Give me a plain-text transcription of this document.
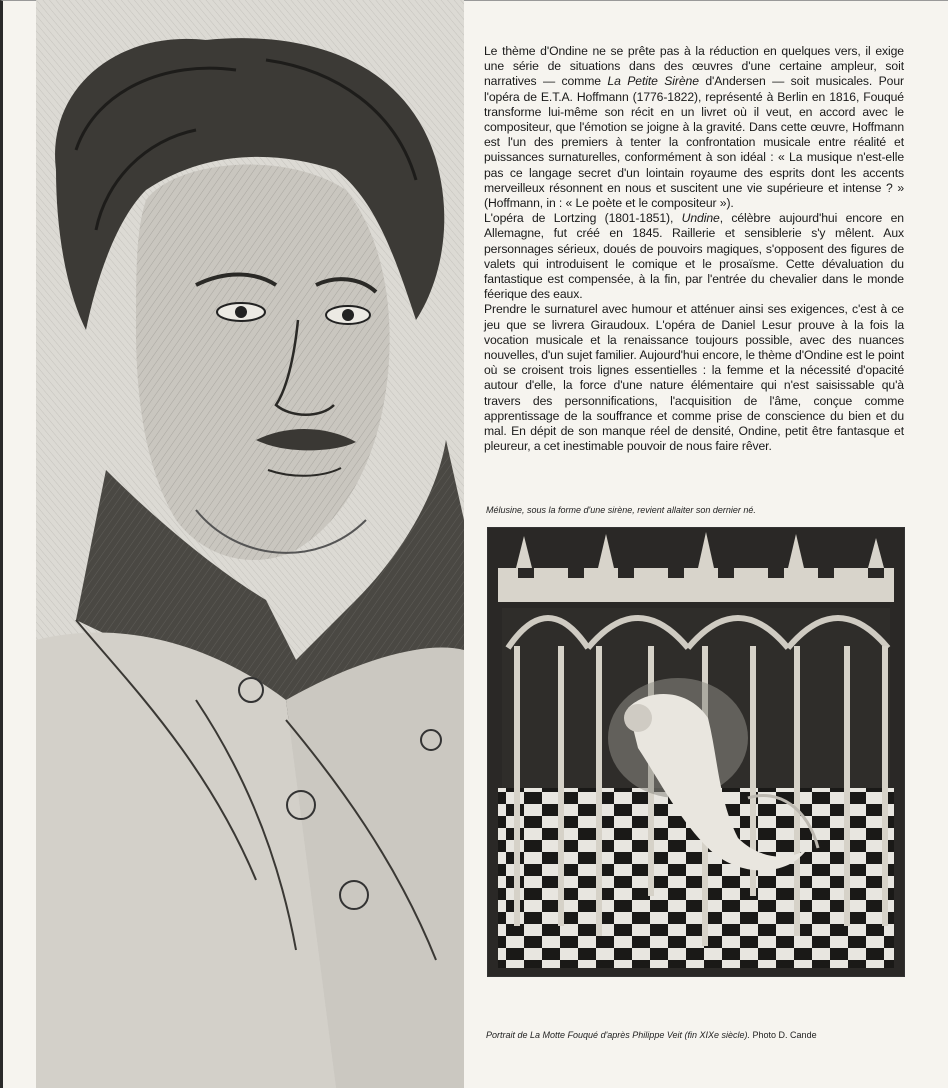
Le thème d'Ondine ne se prête pas à la réduction en quelques vers, il exige une série de situations dans des œuvres d'une certaine ampleur, soit narratives — comme La Petite Sirène d'Andersen — soit musicales. Pour l'opéra de E.T.A. Hoffmann (1776-1822), représenté à Berlin en 1816, Fouqué transforme lui-même son récit en un livret où il veut, en accord avec le compositeur, que l'émotion se joigne à la gravité. Dans cette œuvre, Hoffmann est l'un des premiers à tenter la confrontation musicale entre réalité et puissances surnaturelles, conformément à son idéal : « La musique n'est-elle pas ce langage secret d'un lointain royaume des esprits dont les accents merveilleux résonnent en nous et suscitent une vie supérieure et intense ? » (Hoffmann, in : « Le poète et le compositeur »).

L'opéra de Lortzing (1801-1851), Undine, célèbre aujourd'hui encore en Allemagne, fut créé en 1845. Raillerie et sensiblerie s'y mêlent. Aux personnages sérieux, doués de pouvoirs magiques, s'opposent des figures de valets qui introduisent le comique et le prosaïsme. Cette dévaluation du fantastique est compensée, à la fin, par l'entrée du chevalier dans le monde féerique des eaux.

Prendre le surnaturel avec humour et atténuer ainsi ses exigences, c'est à ce jeu que se livrera Giraudoux. L'opéra de Daniel Lesur prouve à la fois la vocation musicale et la renaissance toujours possible, avec des nuances nouvelles, d'un sujet familier. Aujourd'hui encore, le thème d'Ondine est le point où se croisent trois lignes essentielles : la femme et la nécessité d'opacité autour d'elle, la force d'une nature élémentaire qui n'est saisissable qu'à travers des personnifications, l'acquisition de l'âme, conçue comme apprentissage de la souffrance et comme prise de conscience du bien et du mal. En dépit de son manque réel de densité, Ondine, petit être fantasque et pleureur, a cet inestimable pouvoir de nous faire rêver.

Mélusine, sous la forme d'une sirène, revient allaiter son dernier né.
Portrait de La Motte Fouqué d'après Philippe Veit (fin XIXe siècle). Photo D. Cande
